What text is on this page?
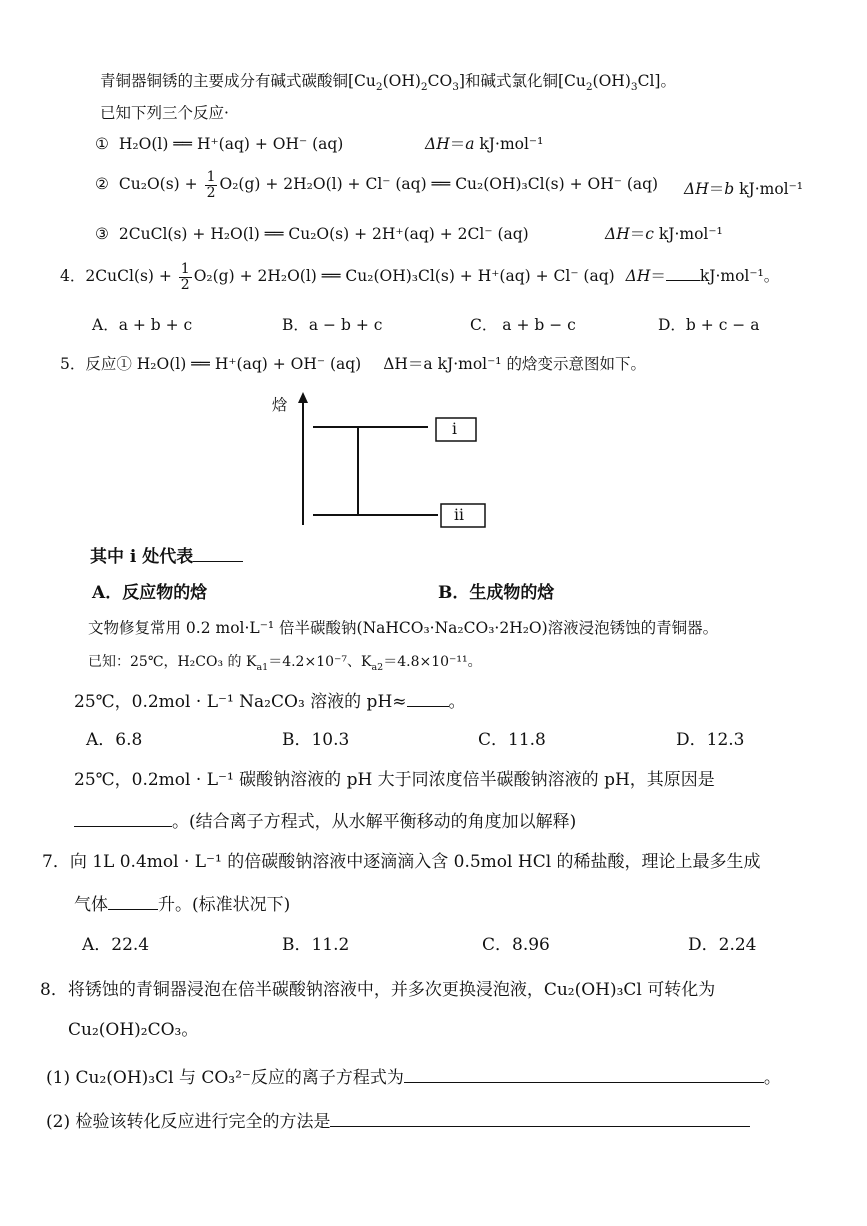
青铜器铜锈的主要成分有碱式碳酸铜$[Cu_2(OH)_2CO_3]$和碱式氯化铜$[Cu_2(OH)_3Cl]$。
已知下列三个反应·
① H₂O(l) ══ H⁺(aq) + OH⁻ (aq)	ΔH＝a kJ·mol⁻¹
② $Cu_2O(s) + \frac{1}{2} O_2(g) + 2H_2O(l) + Cl^-$ (aq) ══ Cu₂(OH)₃Cl(s) + OH⁻ (aq) ΔH＝b kJ·mol⁻¹
③ 2CuCl(s) + H₂O(l) ══ Cu₂O(s) + 2H⁺(aq) + 2Cl⁻ (aq)	ΔH＝c kJ·mol⁻¹
4．2CuCl(s) + $\frac{1}{2} O_2(g) + 2H_2O(l)$ ══ Cu₂(OH)₃Cl(s) + H⁺(aq) + Cl⁻ (aq) ΔH＝ kJ·mol⁻¹。
A．a + b + c	B．a − b + c	C． a + b − c	D．b + c − a
5．反应① H₂O(l) ══ H⁺(aq) + OH⁻ (aq) ΔH＝a kJ·mol⁻¹ 的焓变示意图如下。
焓
i
ii
其中 i 处代表
A．反应物的焓	B．生成物的焓
文物修复常用 0.2 mol·L⁻¹ 倍半碳酸钠(NaHCO₃·Na₂CO₃·2H₂O)溶液浸泡锈蚀的青铜器。
已知：25℃，H₂CO₃ 的 $K_{a1}=4.2\times 10^{-7}$、$K_{a2}=4.8\times 10^{-11}$。
25℃，0.2mol · L⁻¹ Na₂CO₃ 溶液的 pH≈ 。
A．6.8	B．10.3	C．11.8	D．12.3
25℃，0.2mol · L⁻¹ 碳酸钠溶液的 pH 大于同浓度倍半碳酸钠溶液的 pH，其原因是
。(结合离子方程式，从水解平衡移动的角度加以解释)
7．向 1L 0.4mol · L⁻¹ 的倍碳酸钠溶液中逐滴滴入含 0.5mol HCl 的稀盐酸，理论上最多生成
气体	升。(标准状况下)
A．22.4	B．11.2	C．8.96	D．2.24
8．将锈蚀的青铜器浸泡在倍半碳酸钠溶液中，并多次更换浸泡液，Cu₂(OH)₃Cl 可转化为
Cu₂(OH)₂CO₃。
(1) Cu₂(OH)₃Cl 与 CO₃²⁻反应的离子方程式为	。
(2) 检验该转化反应进行完全的方法是
